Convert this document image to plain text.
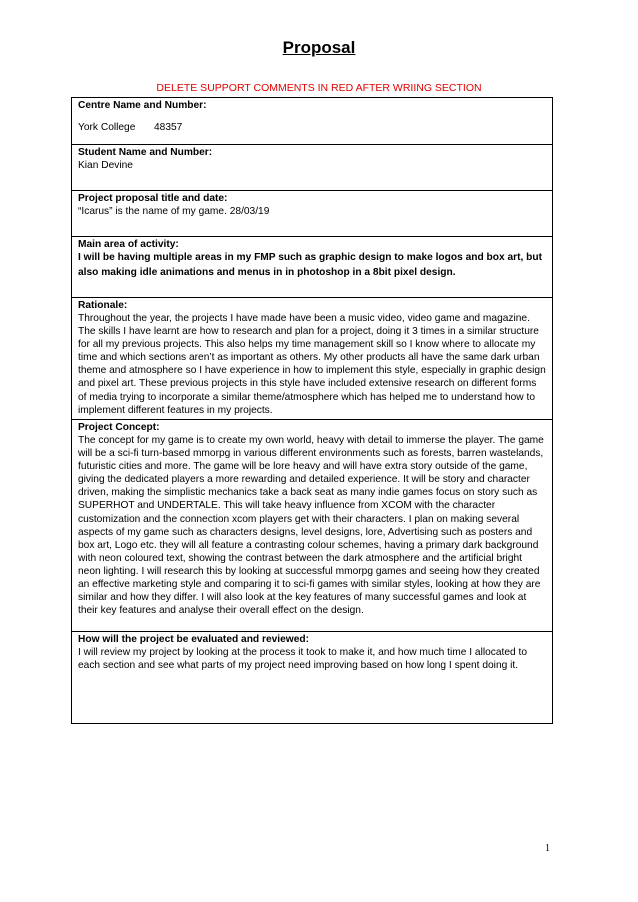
Proposal
DELETE SUPPORT COMMENTS IN RED AFTER WRIING SECTION

Centre Name and Number:

York College 48357

Student Name and Number:

Kian Devine

Project proposal title and date:

“Icarus” is the name of my game. 28/03/19

Main area of activity:

I will be having multiple areas in my FMP such as graphic design to make logos and box art, but also making idle animations and menus in in photoshop in a 8bit pixel design.

Rationale:

Throughout the year, the projects I have made have been a music video, video game and magazine. The skills I have learnt are how to research and plan for a project, doing it 3 times in a similar structure for all my previous projects. This also helps my time management skill so I know where to allocate my time and which sections aren’t as important as others. My other products all have the same dark urban theme and atmosphere so I have experience in how to implement this style, especially in graphic design and pixel art. These previous projects in this style have included extensive research on different forms of media trying to incorporate a similar theme/atmosphere which has helped me to understand how to implement different features in my projects.

Project Concept:

The concept for my game is to create my own world, heavy with detail to immerse the player. The game will be a sci-fi turn-based mmorpg in various different environments such as forests, barren wastelands, futuristic cities and more. The game will be lore heavy and will have extra story outside of the game, giving the dedicated players a more rewarding and detailed experience. It will be story and character driven, making the simplistic mechanics take a back seat as many indie games focus on story such as SUPERHOT and UNDERTALE. This will take heavy influence from XCOM with the character customization and the connection xcom players get with their characters. I plan on making several aspects of my game such as characters designs, level designs, lore, Advertising such as posters and box art, Logo etc. they will all feature a contrasting colour schemes, having a primary dark background with neon coloured text, showing the contrast between the dark atmosphere and the artificial bright neon lighting. I will research this by looking at successful mmorpg games and seeing how they created an effective marketing style and comparing it to sci-fi games with similar styles, looking at how they are similar and how they differ. I will also look at the key features of many successful games and look at their key features and analyse their overall effect on the design.

How will the project be evaluated and reviewed:

I will review my project by looking at the process it took to make it, and how much time I allocated to each section and see what parts of my project need improving based on how long I spent doing it.

1
